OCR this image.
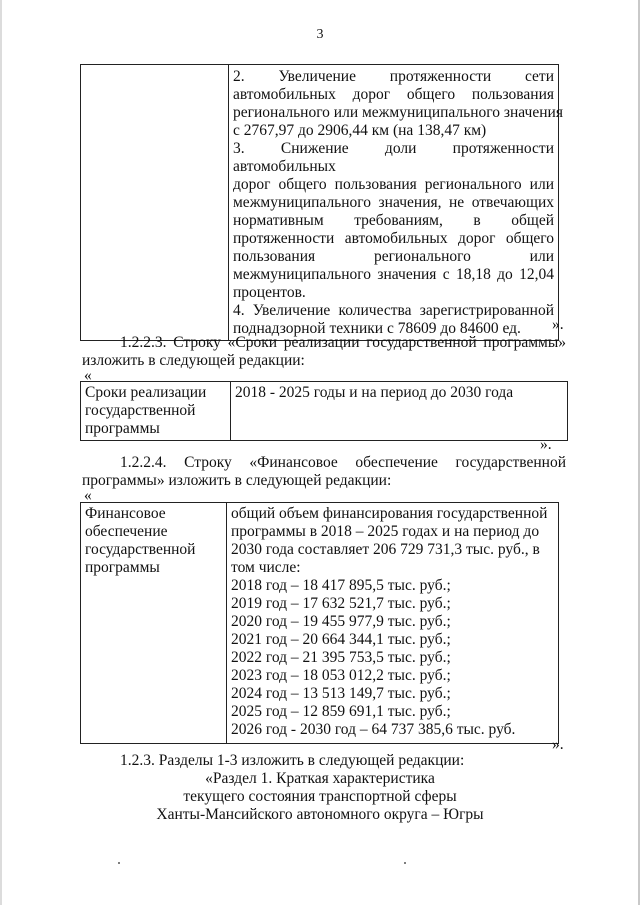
3

2. Увеличение протяженности сети
автомобильных дорог общего пользования
регионального или межмуниципального значения
с 2767,97 до 2906,44 км (на 138,47 км)
3. Снижение доли протяженности автомобильных
дорог общего пользования регионального или
межмуниципального значения, не отвечающих
нормативным требованиям, в общей
протяженности автомобильных дорог общего
пользования регионального или
межмуниципального значения с 18,18 до 12,04
процентов.
4. Увеличение количества зарегистрированной
поднадзорной техники с 78609 до 84600 ед.	».
1.2.2.3. Строку «Сроки реализации государственной программы»
изложить в следующей редакции:
«
Сроки реализации
государственной
программы

2018 - 2025 годы и на период до 2030 года
».
1.2.2.4. Строку «Финансовое обеспечение государственной
программы» изложить в следующей редакции:
«
Финансовое
обеспечение
государственной
программы

общий объем финансирования государственной
программы в 2018 – 2025 годах и на период до
2030 года составляет 206 729 731,3 тыс. руб., в
том числе:
2018 год – 18 417 895,5 тыс. руб.;
2019 год – 17 632 521,7 тыс. руб.;
2020 год – 19 455 977,9 тыс. руб.;
2021 год – 20 664 344,1 тыс. руб.;
2022 год – 21 395 753,5 тыс. руб.;
2023 год – 18 053 012,2 тыс. руб.;
2024 год – 13 513 149,7 тыс. руб.;
2025 год – 12 859 691,1 тыс. руб.;
2026 год - 2030 год – 64 737 385,6 тыс. руб.
».
1.2.3. Разделы 1-3 изложить в следующей редакции:
«Раздел 1. Краткая характеристика
текущего состояния транспортной сферы
Ханты-Мансийского автономного округа – Югры
